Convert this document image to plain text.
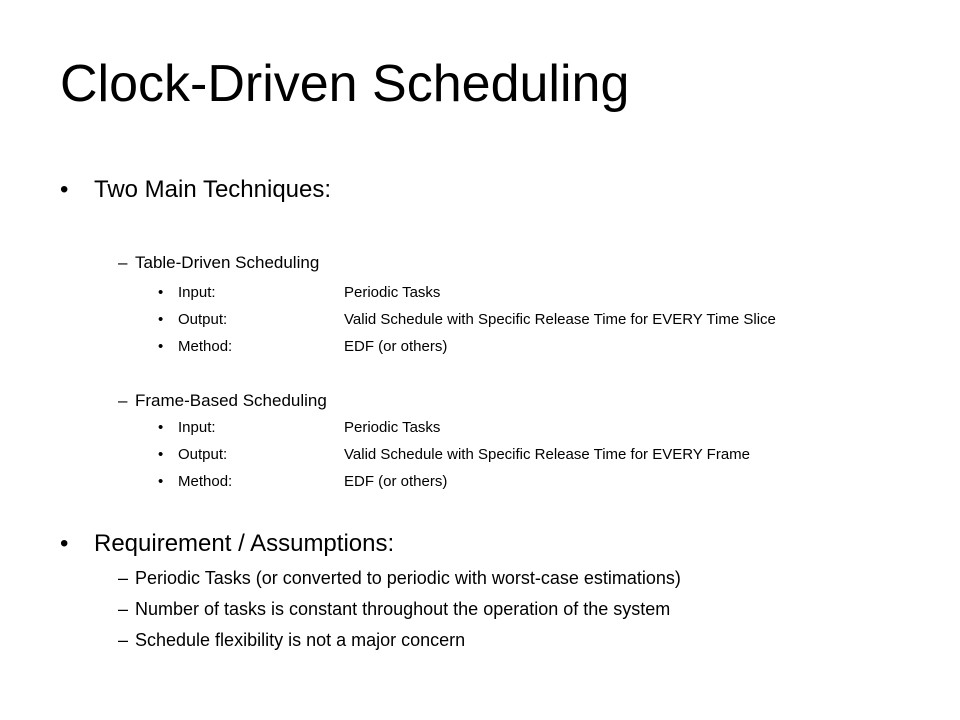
Clock-Driven Scheduling
• Two Main Techniques:
– Table-Driven Scheduling
• Input:	Periodic Tasks
• Output:	Valid Schedule with Specific Release Time for EVERY Time Slice
• Method:	EDF (or others)
– Frame-Based Scheduling
• Input:	Periodic Tasks
• Output:	Valid Schedule with Specific Release Time for EVERY Frame
• Method:	EDF (or others)
• Requirement / Assumptions:
– Periodic Tasks (or converted to periodic with worst-case estimations)
– Number of tasks is constant throughout the operation of the system
– Schedule flexibility is not a major concern
